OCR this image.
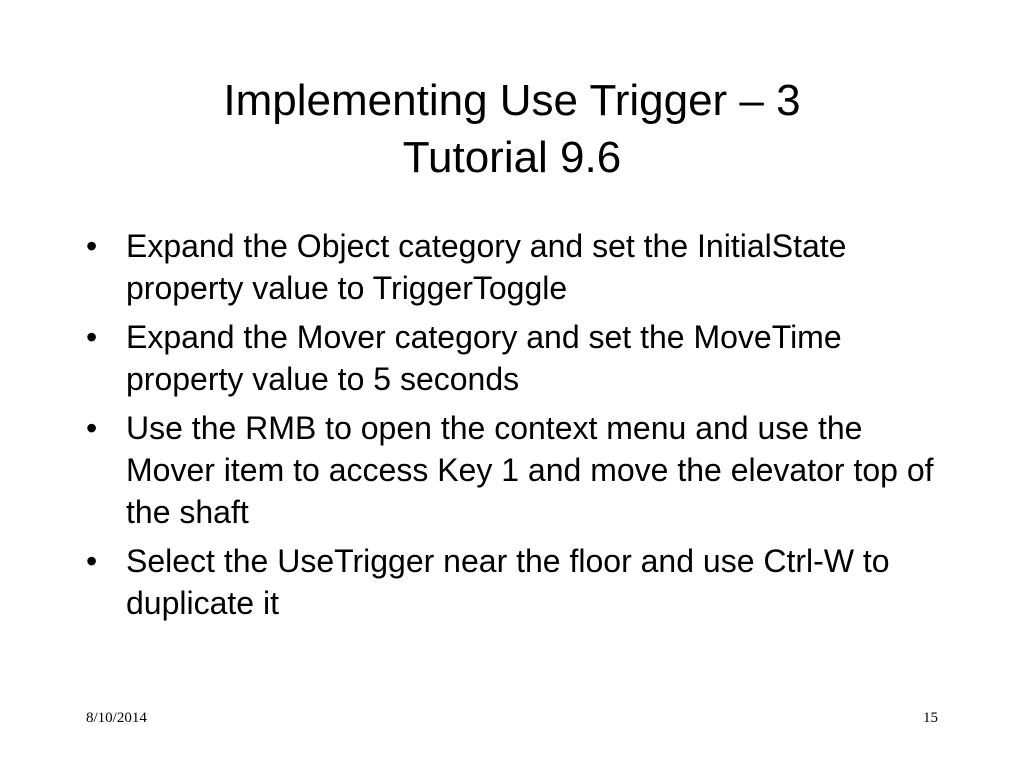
Implementing Use Trigger – 3
Tutorial 9.6
• Expand the Object category and set the InitialState property value to TriggerToggle
• Expand the Mover category and set the MoveTime property value to 5 seconds
• Use the RMB to open the context menu and use the Mover item to access Key 1 and move the elevator top of the shaft
• Select the UseTrigger near the floor and use Ctrl-W to duplicate it
8/10/2014	15
